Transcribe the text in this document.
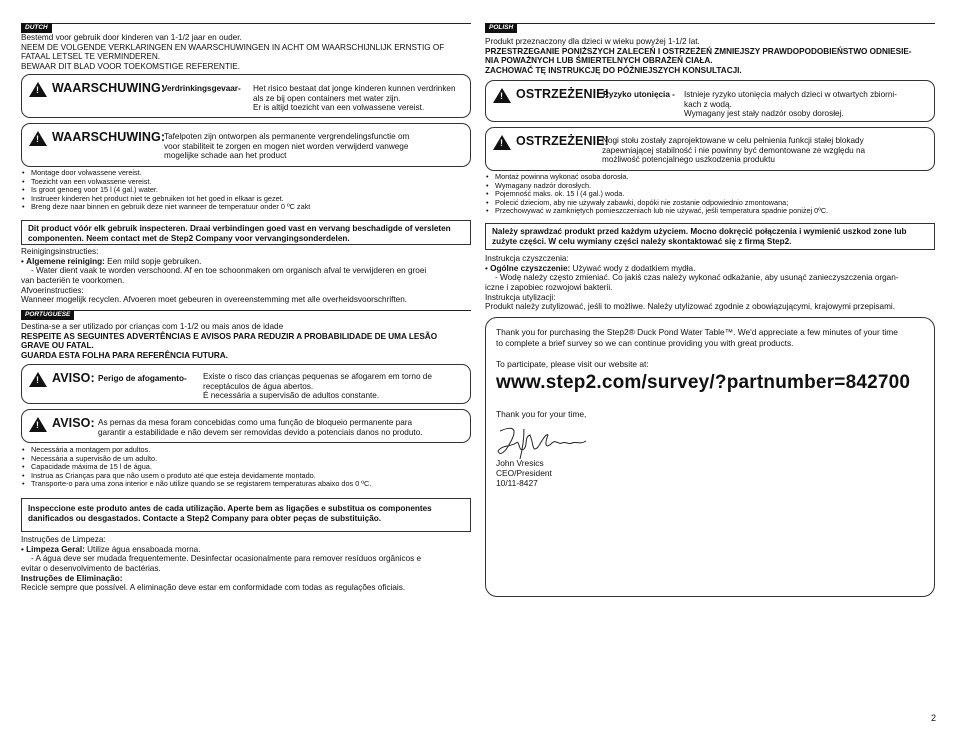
DUTCH

Bestemd voor gebruik door kinderen van 1-1/2 jaar en ouder.

NEEM DE VOLGENDE VERKLARINGEN EN WAARSCHUWINGEN IN ACHT OM WAARSCHIJNLIJK ERNSTIG OF

FATAAL LETSEL TE VERMINDEREN.

BEWAAR DIT BLAD VOOR TOEKOMSTIGE REFERENTIE.

!
WAARSCHUWING:
Verdrinkingsgevaar- Het risico bestaat dat jonge kinderen kunnen verdrinken
als ze bij open containers met water zijn.
Er is altijd toezicht van een volwassene vereist.
!
WAARSCHUWING:
Tafelpoten zijn ontworpen als permanente vergrendelingsfunctie om
voor stabiliteit te zorgen en mogen niet worden verwijderd vanwege
mogelijke schade aan het product
• Montage door volwassene vereist.
• Toezicht van een volwassene vereist.
• Is groot genoeg voor 15 l (4 gal.) water.
• Instrueer kinderen het product niet te gebruiken tot het goed in elkaar is gezet.
• Breng deze naar binnen en gebruik deze niet wanneer de temperatuur onder 0 ºC zakt
Dit product vóór elk gebruik inspecteren. Draai verbindingen goed vast en vervang beschadigde of versleten componenten. Neem contact met de Step2 Company voor vervangingsonderdelen.

Reinigingsinstructies:

• Algemene reiniging: Een mild sopje gebruiken.

- Water dient vaak te worden verschoond. Af en toe schoonmaken om organisch afval te verwijderen en groei

van bacteriën te voorkomen.

Afvoerinstructies:

Wanneer mogelijk recyclen. Afvoeren moet gebeuren in overeenstemming met alle overheidsvoorschriften.

PORTUGUESE

Destina-se a ser utilizado por crianças com 1-1/2 ou mais anos de idade

RESPEITE AS SEGUINTES ADVERTÊNCIAS E AVISOS PARA REDUZIR A PROBABILIDADE DE UMA LESÃO

GRAVE OU FATAL.

GUARDA ESTA FOLHA PARA REFERÊNCIA FUTURA.

!
AVISO: Perigo de afogamento- Existe o risco das crianças pequenas se afogarem em torno de
receptáculos de água abertos.
É necessária a supervisão de adultos constante.
!
AVISO: As pernas da mesa foram concebidas como uma função de bloqueio permanente para
garantir a estabilidade e não devem ser removidas devido a potenciais danos no produto.
• Necessária a montagem por adultos.
• Necessária a supervisão de um adulto.
• Capacidade máxima de 15 l de água.
• Instrua as Crianças para que não usem o produto até que esteja devidamente montado.
• Transporte-o para uma zona interior e não utilize quando se se registarem temperaturas abaixo dos 0 ºC.
Inspeccione este produto antes de cada utilização. Aperte bem as ligações e substitua os componentes danificados ou desgastados. Contacte a Step2 Company para obter peças de substituição.

Instruções de Limpeza:

• Limpeza Geral: Utilize água ensaboada morna.

- A água deve ser mudada frequentemente. Desinfectar ocasionalmente para remover resíduos orgânicos e

evitar o desenvolvimento de bactérias.

Instruções de Eliminação:

Recicle sempre que possível. A eliminação deve estar em conformidade com todas as regulações oficiais.

POLISH

Produkt przeznaczony dla dzieci w wieku powyżej 1-1/2 lat.

PRZESTRZEGANIE PONIŻSZYCH ZALECEŃ I OSTRZEŻEŃ ZMNIEJSZY PRAWDOPODOBIEŃSTWO ODNIESIE-

NIA POWAŻNYCH LUB ŚMIERTELNYCH OBRAŻEŃ CIAŁA.

ZACHOWAĆ TĘ INSTRUKCJĘ DO PÓŹNIEJSZYCH KONSULTACJI.

!
OSTRZEŻENIE!
Ryzyko utonięcia - Istnieje ryzyko utonięcia małych dzieci w otwartych zbiorni-
kach z wodą.
Wymagany jest stały nadzór osoby dorosłej.
!
OSTRZEŻENIE!
Nogi stołu zostały zaprojektowane w celu pełnienia funkcji stałej blokady
zapewniającej stabilność i nie powinny być demontowane ze względu na
możliwość potencjalnego uszkodzenia produktu
• Montaż powinna wykonać osoba dorosła.
• Wymagany nadzór dorosłych.
• Pojemność maks. ok. 15 l (4 gal.) woda.
• Polecić dzieciom, aby nie używały zabawki, dopóki nie zostanie odpowiednio zmontowana;
• Przechowywać w zamkniętych pomieszczeniach lub nie używać, jeśli temperatura spadnie poniżej 0ºC.
Należy sprawdzać produkt przed każdym użyciem. Mocno dokręcić połączenia i wymienić uszkod zone lub zużyte części. W celu wymiany części należy skontaktować się z firmą Step2.

Instrukcja czyszczenia:

• Ogólne czyszczenie: Używać wody z dodatkiem mydła.

- Wodę należy często zmieniać. Co jakiś czas należy wykonać odkażanie, aby usunąć zanieczyszczenia organ-

iczne i zapobiec rozwojowi bakterii.

Instrukcja utylizacji:

Produkt należy zutylizować, jeśli to możliwe. Należy utylizować zgodnie z obowiązującymi, krajowymi przepisami.

Thank you for purchasing the Step2® Duck Pond Water Table™. We'd appreciate a few minutes of your time

to complete a brief survey so we can continue providing you with great products.

To participate, please visit our website at:

www.step2.com/survey/?partnumber=842700

Thank you for your time,

John Vresics

CEO/President

10/11-8427

2
